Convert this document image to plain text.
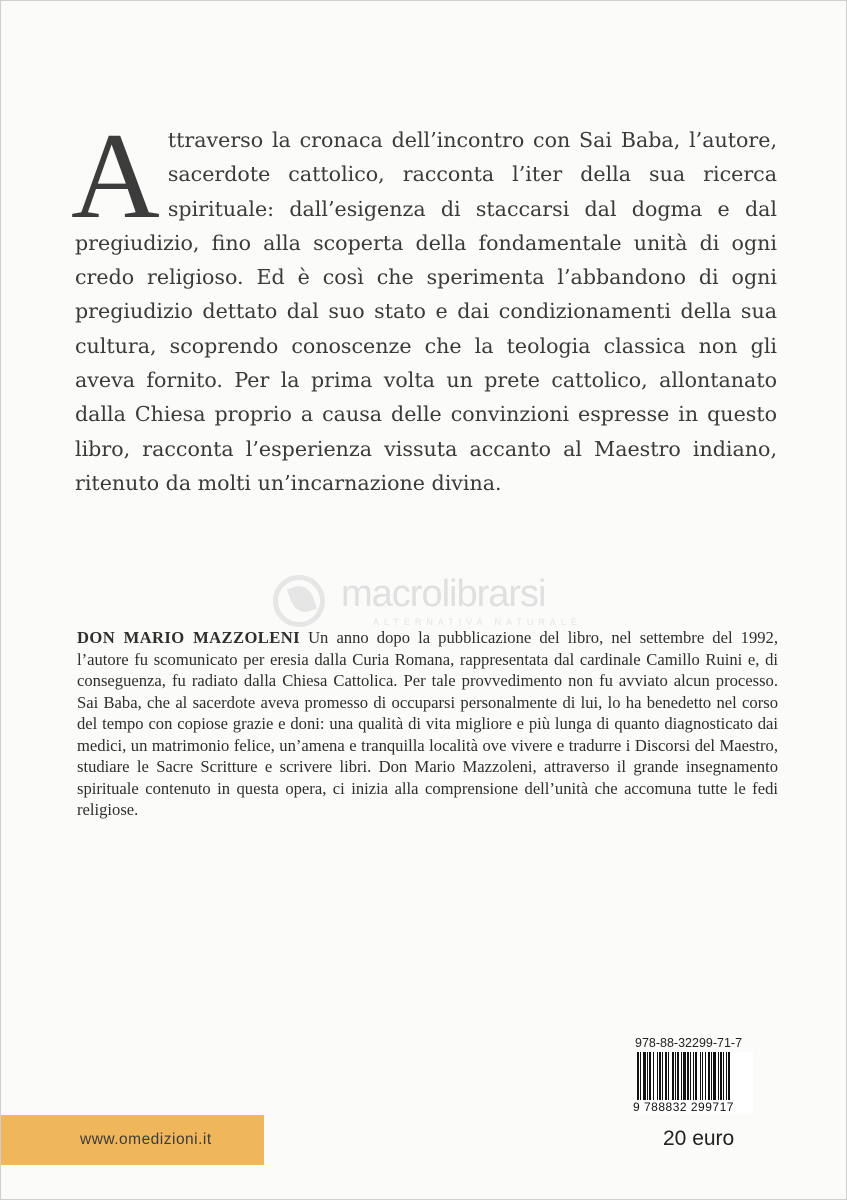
Attraverso la cronaca dell’incontro con Sai Baba, l’autore, sacerdote cattolico, racconta l’iter della sua ricerca spirituale: dall’esigenza di staccarsi dal dogma e dal pregiudizio, fino alla scoperta della fondamentale unità di ogni credo religioso. Ed è così che sperimenta l’abbandono di ogni pregiudizio dettato dal suo stato e dai condizionamenti della sua cultura, scoprendo conoscenze che la teologia classica non gli aveva fornito. Per la prima volta un prete cattolico, allontanato dalla Chiesa proprio a causa delle convinzioni espresse in questo libro, racconta l’esperienza vissuta accanto al Maestro indiano, ritenuto da molti un’incarnazione divina.

macrolibrarsi
ALTERNATIVA NATURALE

DON MARIO MAZZOLENI Un anno dopo la pubblicazione del libro, nel settembre del 1992, l’autore fu scomunicato per eresia dalla Curia Romana, rappresentata dal cardinale Camillo Ruini e, di conseguenza, fu radiato dalla Chiesa Cattolica. Per tale provvedimento non fu avviato alcun processo. Sai Baba, che al sacerdote aveva promesso di occuparsi personalmente di lui, lo ha benedetto nel corso del tempo con copiose grazie e doni: una qualità di vita migliore e più lunga di quanto diagnosticato dai medici, un matrimonio felice, un’amena e tranquilla località ove vivere e tradurre i Discorsi del Maestro, studiare le Sacre Scritture e scrivere libri. Don Mario Mazzoleni, attraverso il grande insegnamento spirituale contenuto in questa opera, ci inizia alla comprensione dell’unità che accomuna tutte le fedi religiose.

978-88-32299-71-7
9 788832 299717
20 euro
www.omedizioni.it
